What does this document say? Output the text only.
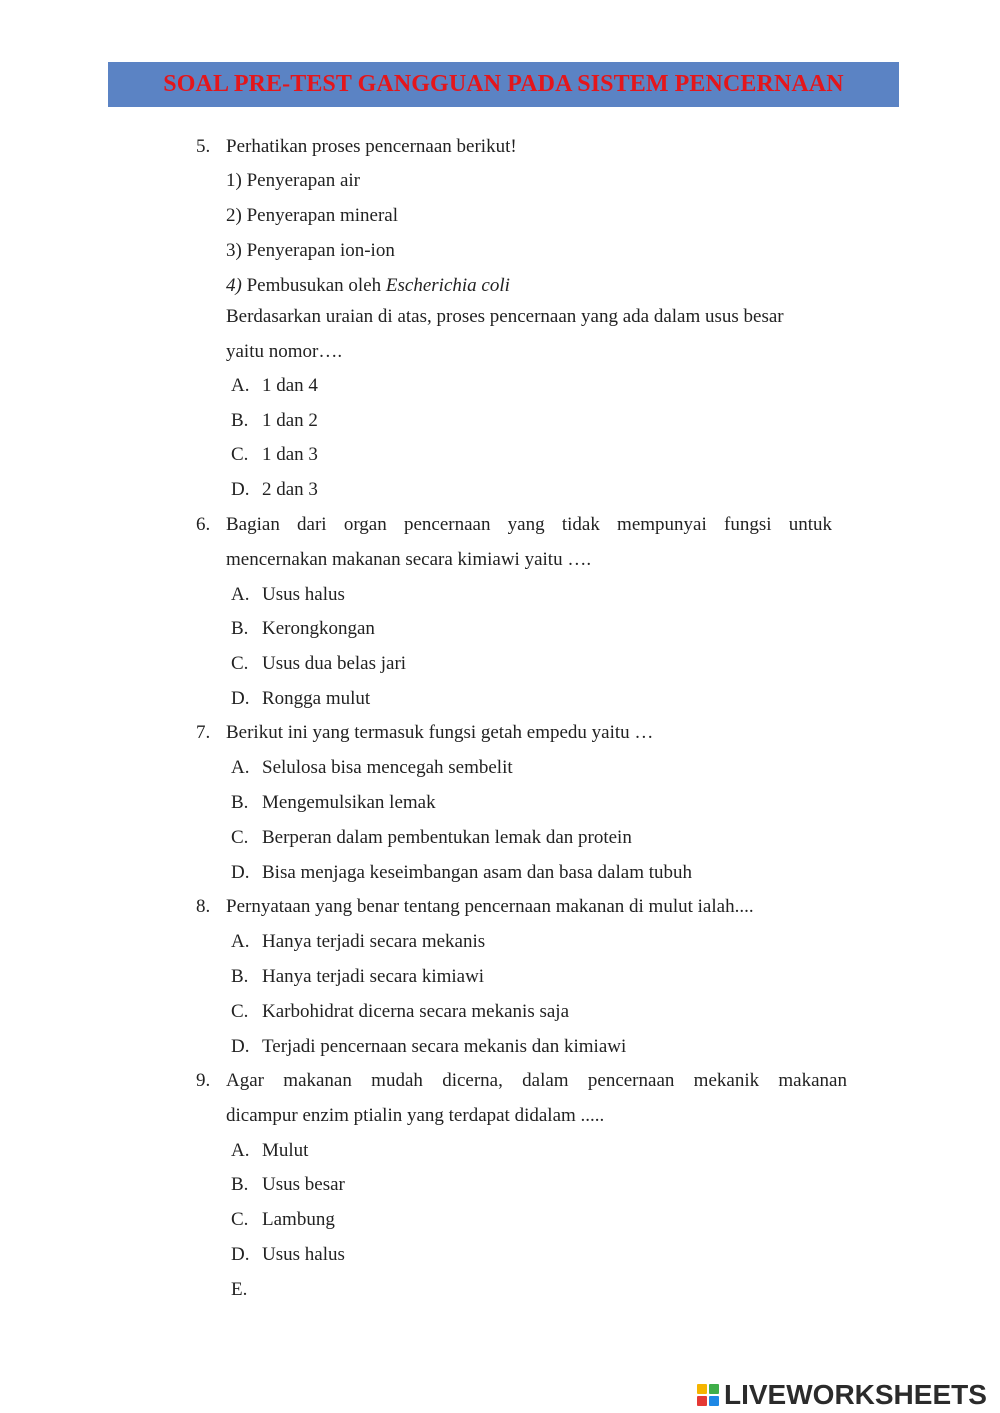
SOAL PRE-TEST GANGGUAN PADA SISTEM PENCERNAAN
5. Perhatikan proses pencernaan berikut!
1) Penyerapan air
2) Penyerapan mineral
3) Penyerapan ion-ion
4) Pembusukan oleh Escherichia coli
Berdasarkan uraian di atas, proses pencernaan yang ada dalam usus besar
yaitu nomor….
A. 1 dan 4
B. 1 dan 2
C. 1 dan 3
D. 2 dan 3
6. Bagian dari organ pencernaan yang tidak mempunyai fungsi untuk
mencernakan makanan secara kimiawi yaitu ….
A. Usus halus
B. Kerongkongan
C. Usus dua belas jari
D. Rongga mulut
7. Berikut ini yang termasuk fungsi getah empedu yaitu …
A. Selulosa bisa mencegah sembelit
B. Mengemulsikan lemak
C. Berperan dalam pembentukan lemak dan protein
D. Bisa menjaga keseimbangan asam dan basa dalam tubuh
8. Pernyataan yang benar tentang pencernaan makanan di mulut ialah....
A. Hanya terjadi secara mekanis
B. Hanya terjadi secara kimiawi
C. Karbohidrat dicerna secara mekanis saja
D. Terjadi pencernaan secara mekanis dan kimiawi
9. Agar makanan mudah dicerna, dalam pencernaan mekanik makanan
dicampur enzim ptialin yang terdapat didalam .....
A. Mulut
B. Usus besar
C. Lambung
D. Usus halus
E.
LIVEWORKSHEETS
